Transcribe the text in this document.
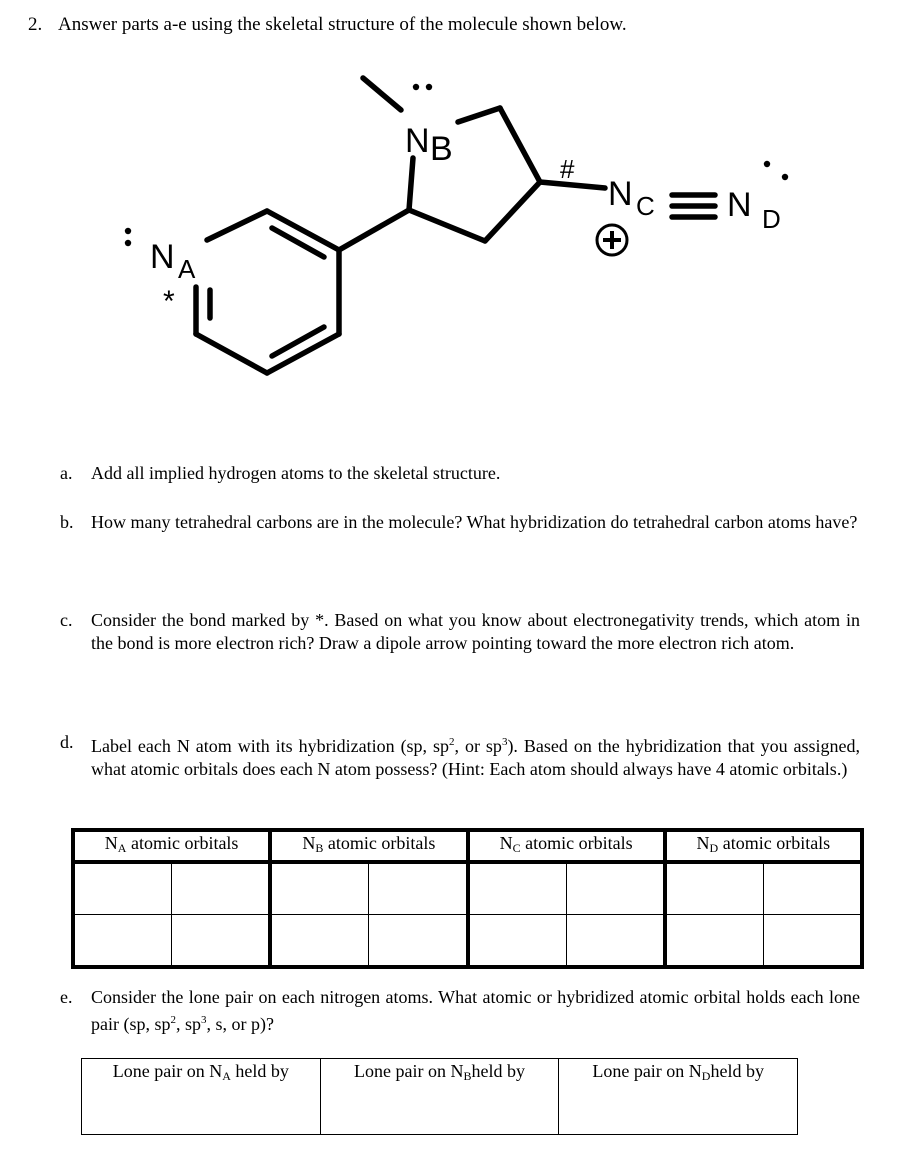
2. Answer parts a-e using the skeletal structure of the molecule shown below.
N A
*
N B
#
N C N D
a. Add all implied hydrogen atoms to the skeletal structure.
b. How many tetrahedral carbons are in the molecule? What hybridization do tetrahedral carbon atoms have?
c. Consider the bond marked by *. Based on what you know about electronegativity trends, which atom in the bond is more electron rich? Draw a dipole arrow pointing toward the more electron rich atom.
d. Label each N atom with its hybridization (sp, $sp^2$, or $sp^3$). Based on the hybridization that you assigned, what atomic orbitals does each N atom possess? (Hint: Each atom should always have 4 atomic orbitals.)
$N_A$ atomic orbitals		$N_B$ atomic orbitals		$N_C$ atomic orbitals		$N_D$ atomic orbitals	

e. Consider the lone pair on each nitrogen atoms. What atomic or hybridized atomic orbital holds each lone pair (sp, $sp^2$, $sp^3$, s, or p)?
Lone pair on $N_A$ held by	Lone pair on $N_Bheld$ by	Lone pair on $N_Dheld$ by
